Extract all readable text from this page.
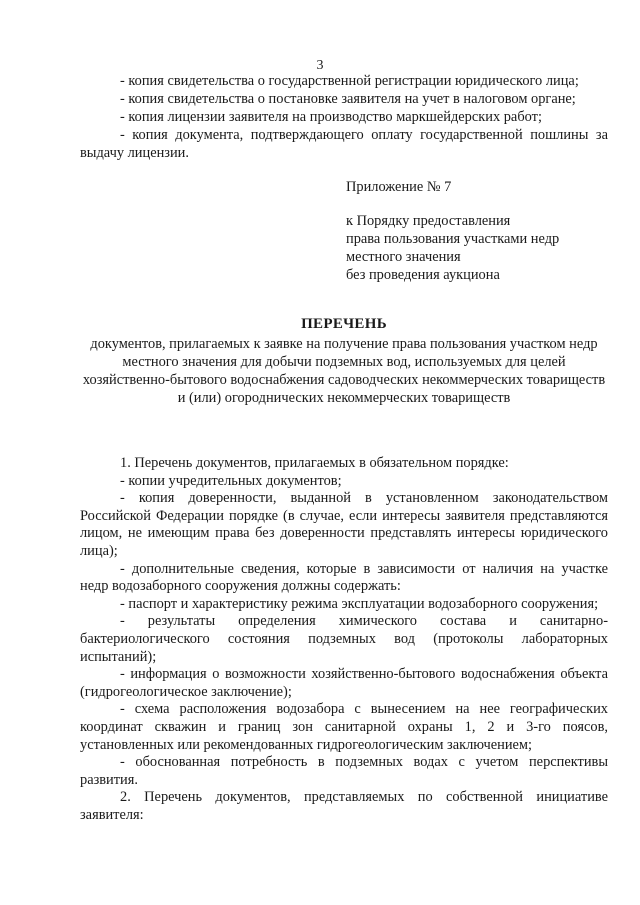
3

- копия свидетельства о государственной регистрации юридического лица;

- копия свидетельства о постановке заявителя на учет в налоговом органе;

- копия лицензии заявителя на производство маркшейдерских работ;

- копия документа, подтверждающего оплату государственной пошлины за выдачу лицензии.

Приложение № 7
к Порядку предоставления
права пользования участками недр
местного значения
без проведения аукциона
ПЕРЕЧЕНЬ
документов, прилагаемых к заявке на получение права пользования участком недр местного значения для добычи подземных вод, используемых для целей хозяйственно-бытового водоснабжения садоводческих некоммерческих товариществ и (или) огороднических некоммерческих товариществ

1. Перечень документов, прилагаемых в обязательном порядке:

- копии учредительных документов;

- копия доверенности, выданной в установленном законодательством Российской Федерации порядке (в случае, если интересы заявителя представляются лицом, не имеющим права без доверенности представлять интересы юридического лица);

- дополнительные сведения, которые в зависимости от наличия на участке недр водозаборного сооружения должны содержать:

- паспорт и характеристику режима эксплуатации водозаборного сооружения;

- результаты определения химического состава и санитарно-бактериологического состояния подземных вод (протоколы лабораторных испытаний);

- информация о возможности хозяйственно-бытового водоснабжения объекта (гидрогеологическое заключение);

- схема расположения водозабора с вынесением на нее географических координат скважин и границ зон санитарной охраны 1, 2 и 3-го поясов, установленных или рекомендованных гидрогеологическим заключением;

- обоснованная потребность в подземных водах с учетом перспективы развития.

2. Перечень документов, представляемых по собственной инициативе заявителя:
